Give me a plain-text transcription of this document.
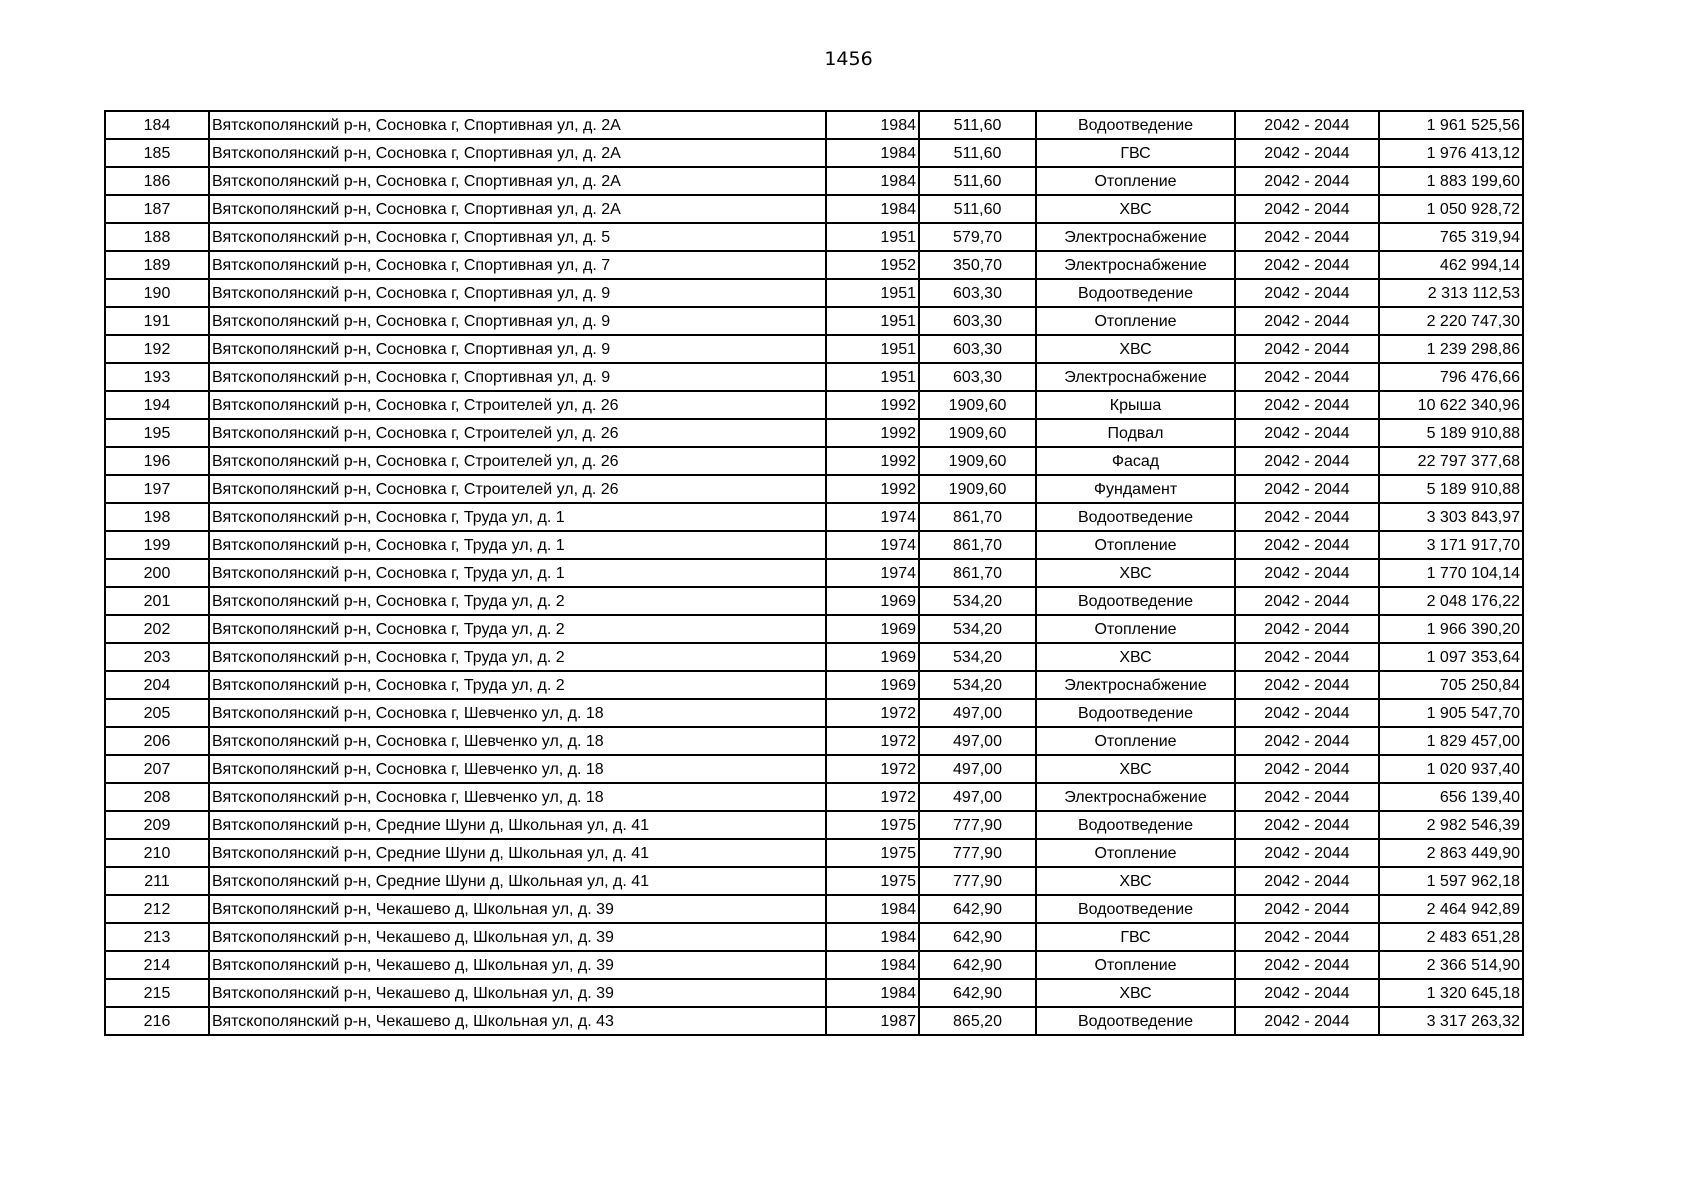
1456
184	Вятскополянский р-н, Сосновка г, Спортивная ул, д. 2А	1984	511,60	Водоотведение	2042 - 2044	1 961 525,56
185	Вятскополянский р-н, Сосновка г, Спортивная ул, д. 2А	1984	511,60	ГВС	2042 - 2044	1 976 413,12
186	Вятскополянский р-н, Сосновка г, Спортивная ул, д. 2А	1984	511,60	Отопление	2042 - 2044	1 883 199,60
187	Вятскополянский р-н, Сосновка г, Спортивная ул, д. 2А	1984	511,60	ХВС	2042 - 2044	1 050 928,72
188	Вятскополянский р-н, Сосновка г, Спортивная ул, д. 5	1951	579,70	Электроснабжение	2042 - 2044	765 319,94
189	Вятскополянский р-н, Сосновка г, Спортивная ул, д. 7	1952	350,70	Электроснабжение	2042 - 2044	462 994,14
190	Вятскополянский р-н, Сосновка г, Спортивная ул, д. 9	1951	603,30	Водоотведение	2042 - 2044	2 313 112,53
191	Вятскополянский р-н, Сосновка г, Спортивная ул, д. 9	1951	603,30	Отопление	2042 - 2044	2 220 747,30
192	Вятскополянский р-н, Сосновка г, Спортивная ул, д. 9	1951	603,30	ХВС	2042 - 2044	1 239 298,86
193	Вятскополянский р-н, Сосновка г, Спортивная ул, д. 9	1951	603,30	Электроснабжение	2042 - 2044	796 476,66
194	Вятскополянский р-н, Сосновка г, Строителей ул, д. 26	1992	1909,60	Крыша	2042 - 2044	10 622 340,96
195	Вятскополянский р-н, Сосновка г, Строителей ул, д. 26	1992	1909,60	Подвал	2042 - 2044	5 189 910,88
196	Вятскополянский р-н, Сосновка г, Строителей ул, д. 26	1992	1909,60	Фасад	2042 - 2044	22 797 377,68
197	Вятскополянский р-н, Сосновка г, Строителей ул, д. 26	1992	1909,60	Фундамент	2042 - 2044	5 189 910,88
198	Вятскополянский р-н, Сосновка г, Труда ул, д. 1	1974	861,70	Водоотведение	2042 - 2044	3 303 843,97
199	Вятскополянский р-н, Сосновка г, Труда ул, д. 1	1974	861,70	Отопление	2042 - 2044	3 171 917,70
200	Вятскополянский р-н, Сосновка г, Труда ул, д. 1	1974	861,70	ХВС	2042 - 2044	1 770 104,14
201	Вятскополянский р-н, Сосновка г, Труда ул, д. 2	1969	534,20	Водоотведение	2042 - 2044	2 048 176,22
202	Вятскополянский р-н, Сосновка г, Труда ул, д. 2	1969	534,20	Отопление	2042 - 2044	1 966 390,20
203	Вятскополянский р-н, Сосновка г, Труда ул, д. 2	1969	534,20	ХВС	2042 - 2044	1 097 353,64
204	Вятскополянский р-н, Сосновка г, Труда ул, д. 2	1969	534,20	Электроснабжение	2042 - 2044	705 250,84
205	Вятскополянский р-н, Сосновка г, Шевченко ул, д. 18	1972	497,00	Водоотведение	2042 - 2044	1 905 547,70
206	Вятскополянский р-н, Сосновка г, Шевченко ул, д. 18	1972	497,00	Отопление	2042 - 2044	1 829 457,00
207	Вятскополянский р-н, Сосновка г, Шевченко ул, д. 18	1972	497,00	ХВС	2042 - 2044	1 020 937,40
208	Вятскополянский р-н, Сосновка г, Шевченко ул, д. 18	1972	497,00	Электроснабжение	2042 - 2044	656 139,40
209	Вятскополянский р-н, Средние Шуни д, Школьная ул, д. 41	1975	777,90	Водоотведение	2042 - 2044	2 982 546,39
210	Вятскополянский р-н, Средние Шуни д, Школьная ул, д. 41	1975	777,90	Отопление	2042 - 2044	2 863 449,90
211	Вятскополянский р-н, Средние Шуни д, Школьная ул, д. 41	1975	777,90	ХВС	2042 - 2044	1 597 962,18
212	Вятскополянский р-н, Чекашево д, Школьная ул, д. 39	1984	642,90	Водоотведение	2042 - 2044	2 464 942,89
213	Вятскополянский р-н, Чекашево д, Школьная ул, д. 39	1984	642,90	ГВС	2042 - 2044	2 483 651,28
214	Вятскополянский р-н, Чекашево д, Школьная ул, д. 39	1984	642,90	Отопление	2042 - 2044	2 366 514,90
215	Вятскополянский р-н, Чекашево д, Школьная ул, д. 39	1984	642,90	ХВС	2042 - 2044	1 320 645,18
216	Вятскополянский р-н, Чекашево д, Школьная ул, д. 43	1987	865,20	Водоотведение	2042 - 2044	3 317 263,32
